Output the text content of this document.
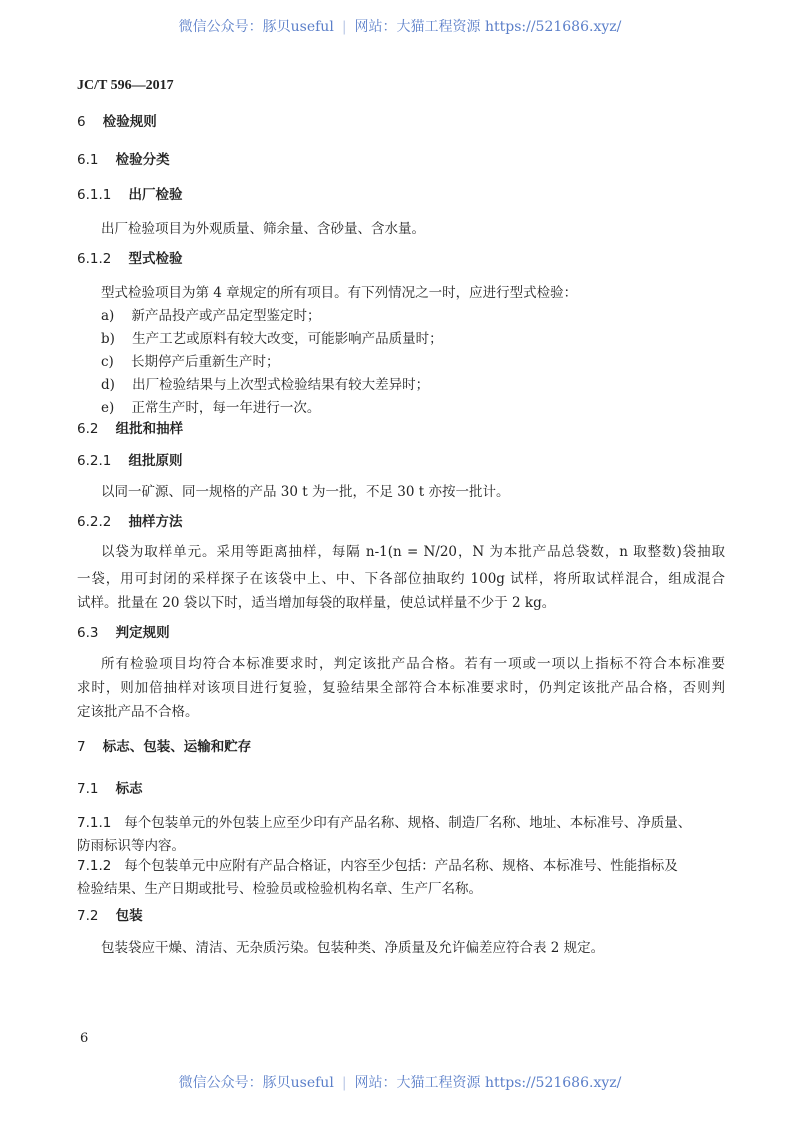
微信公众号：豚贝useful | 网站：大猫工程资源 https://521686.xyz/
JC/T 596—2017
6 检验规则
6.1 检验分类
6.1.1 出厂检验
出厂检验项目为外观质量、筛余量、含砂量、含水量。
6.1.2 型式检验
型式检验项目为第 4 章规定的所有项目。有下列情况之一时，应进行型式检验：
a) 新产品投产或产品定型鉴定时；
b) 生产工艺或原料有较大改变，可能影响产品质量时；
c) 长期停产后重新生产时；
d) 出厂检验结果与上次型式检验结果有较大差异时；
e) 正常生产时，每一年进行一次。
6.2 组批和抽样
6.2.1 组批原则
以同一矿源、同一规格的产品 30 t 为一批，不足 30 t 亦按一批计。
6.2.2 抽样方法
以袋为取样单元。采用等距离抽样，每隔 n-1(n = N/20，N 为本批产品总袋数，n 取整数)袋抽取
一袋，用可封闭的采样探子在该袋中上、中、下各部位抽取约 100g 试样，将所取试样混合，组成混合
试样。批量在 20 袋以下时，适当增加每袋的取样量，使总试样量不少于 2 kg。
6.3 判定规则
所有检验项目均符合本标准要求时，判定该批产品合格。若有一项或一项以上指标不符合本标准要
求时，则加倍抽样对该项目进行复验，复验结果全部符合本标准要求时，仍判定该批产品合格，否则判
定该批产品不合格。
7 标志、包装、运输和贮存
7.1 标志
7.1.1 每个包装单元的外包装上应至少印有产品名称、规格、制造厂名称、地址、本标准号、净质量、
防雨标识等内容。
7.1.2 每个包装单元中应附有产品合格证，内容至少包括：产品名称、规格、本标准号、性能指标及
检验结果、生产日期或批号、检验员或检验机构名章、生产厂名称。
7.2 包装
包装袋应干燥、清洁、无杂质污染。包装种类、净质量及允许偏差应符合表 2 规定。
6
微信公众号：豚贝useful | 网站：大猫工程资源 https://521686.xyz/
